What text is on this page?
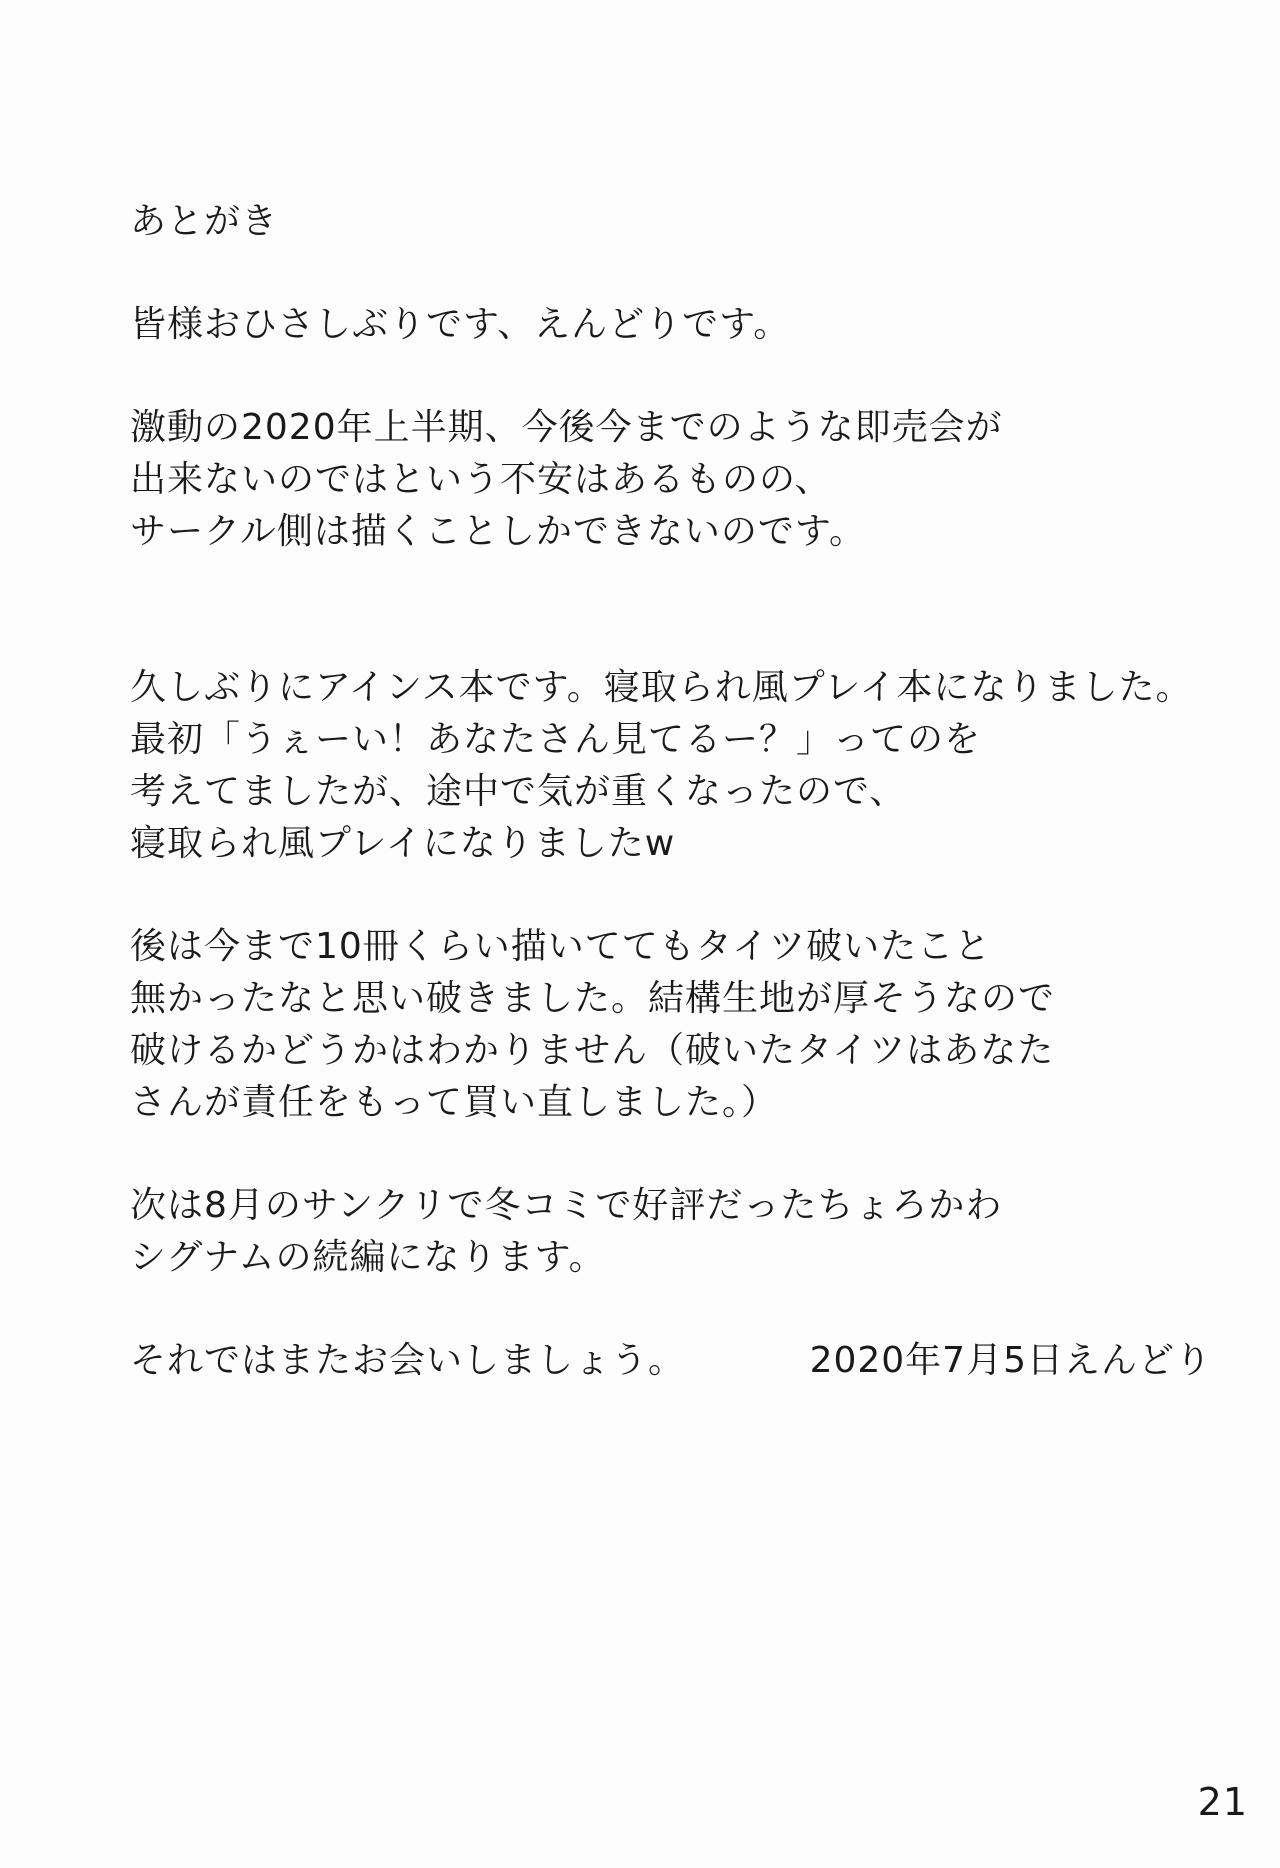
あとがき
皆様おひさしぶりです、えんどりです。
激動の2020年上半期、今後今までのような即売会が
出来ないのではという不安はあるものの、
サークル側は描くことしかできないのです。
久しぶりにアインス本です。寝取られ風プレイ本になりました。
最初「うぇーい！あなたさん見てるー？」ってのを
考えてましたが、途中で気が重くなったので、
寝取られ風プレイになりましたw
後は今まで10冊くらい描いててもタイツ破いたこと
無かったなと思い破きました。結構生地が厚そうなので
破けるかどうかはわかりません（破いたタイツはあなた
さんが責任をもって買い直しました。）
次は8月のサンクリで冬コミで好評だったちょろかわ
シグナムの続編になります。
それではまたお会いしましょう。	2020年7月5日えんどり
21
